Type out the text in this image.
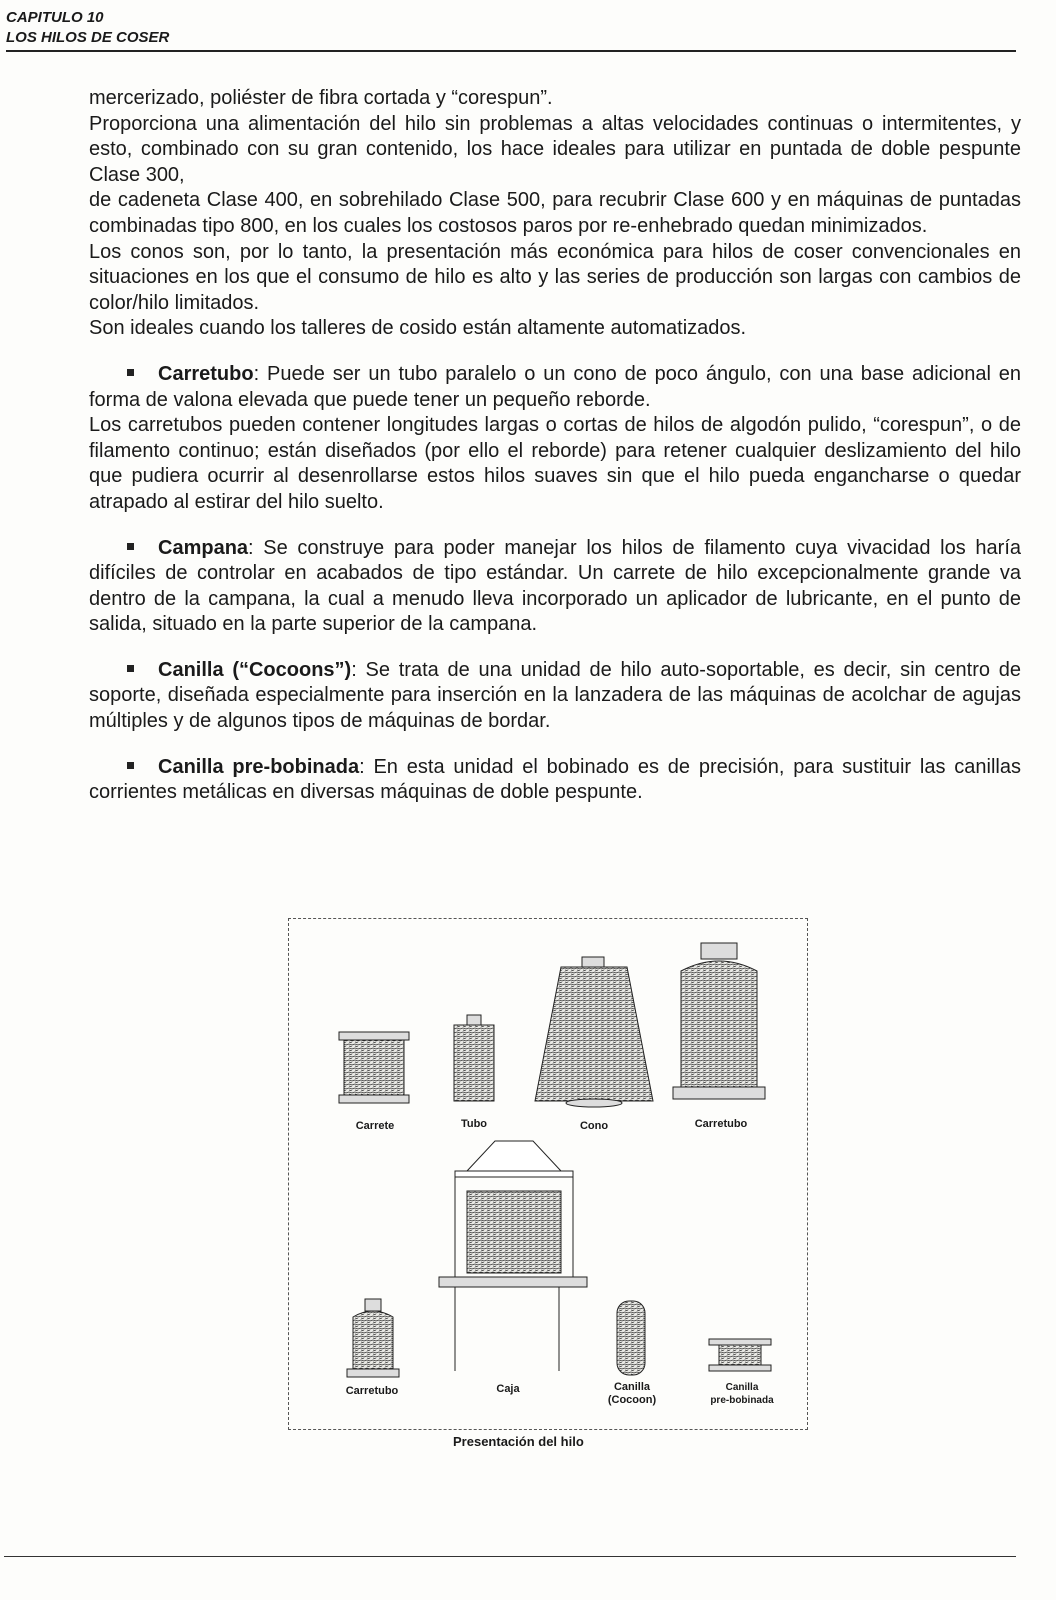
CAPITULO 10
LOS HILOS DE COSER

mercerizado, poliéster de fibra cortada y “corespun”.

Proporciona una alimentación del hilo sin problemas a altas velocidades continuas o intermitentes, y esto, combinado con su gran contenido, los hace ideales para utilizar en puntada de doble pespunte Clase 300,

de cadeneta Clase 400, en sobrehilado Clase 500, para recubrir Clase 600 y en máquinas de puntadas combinadas tipo 800, en los cuales los costosos paros por re-enhebrado quedan minimizados.

Los conos son, por lo tanto, la presentación más económica para hilos de coser convencionales en situaciones en los que el consumo de hilo es alto y las series de producción son largas con cambios de color/hilo limitados.

Son ideales cuando los talleres de cosido están altamente automatizados.

Carretubo: Puede ser un tubo paralelo o un cono de poco ángulo, con una base adicional en forma de valona elevada que puede tener un pequeño reborde.

Los carretubos pueden contener longitudes largas o cortas de hilos de algodón pulido, “corespun”, o de filamento continuo; están diseñados (por ello el reborde) para retener cualquier deslizamiento del hilo que pudiera ocurrir al desenrollarse estos hilos suaves sin que el hilo pueda engancharse o quedar atrapado al estirar del hilo suelto.

Campana: Se construye para poder manejar los hilos de filamento cuya vivacidad los haría difíciles de controlar en acabados de tipo estándar. Un carrete de hilo excepcionalmente grande va dentro de la campana, la cual a menudo lleva incorporado un aplicador de lubricante, en el punto de salida, situado en la parte superior de la campana.

Canilla (“Cocoons”): Se trata de una unidad de hilo auto-soportable, es decir, sin centro de soporte, diseñada especialmente para inserción en la lanzadera de las máquinas de acolchar de agujas múltiples y de algunos tipos de máquinas de bordar.

Canilla pre-bobinada: En esta unidad el bobinado es de precisión, para sustituir las canillas corrientes metálicas en diversas máquinas de doble pespunte.

Carrete	Tubo	Cono	Carretubo
Carretubo	Caja	Canilla
(Cocoon)
Canilla
pre-bobinada
Presentación del hilo
